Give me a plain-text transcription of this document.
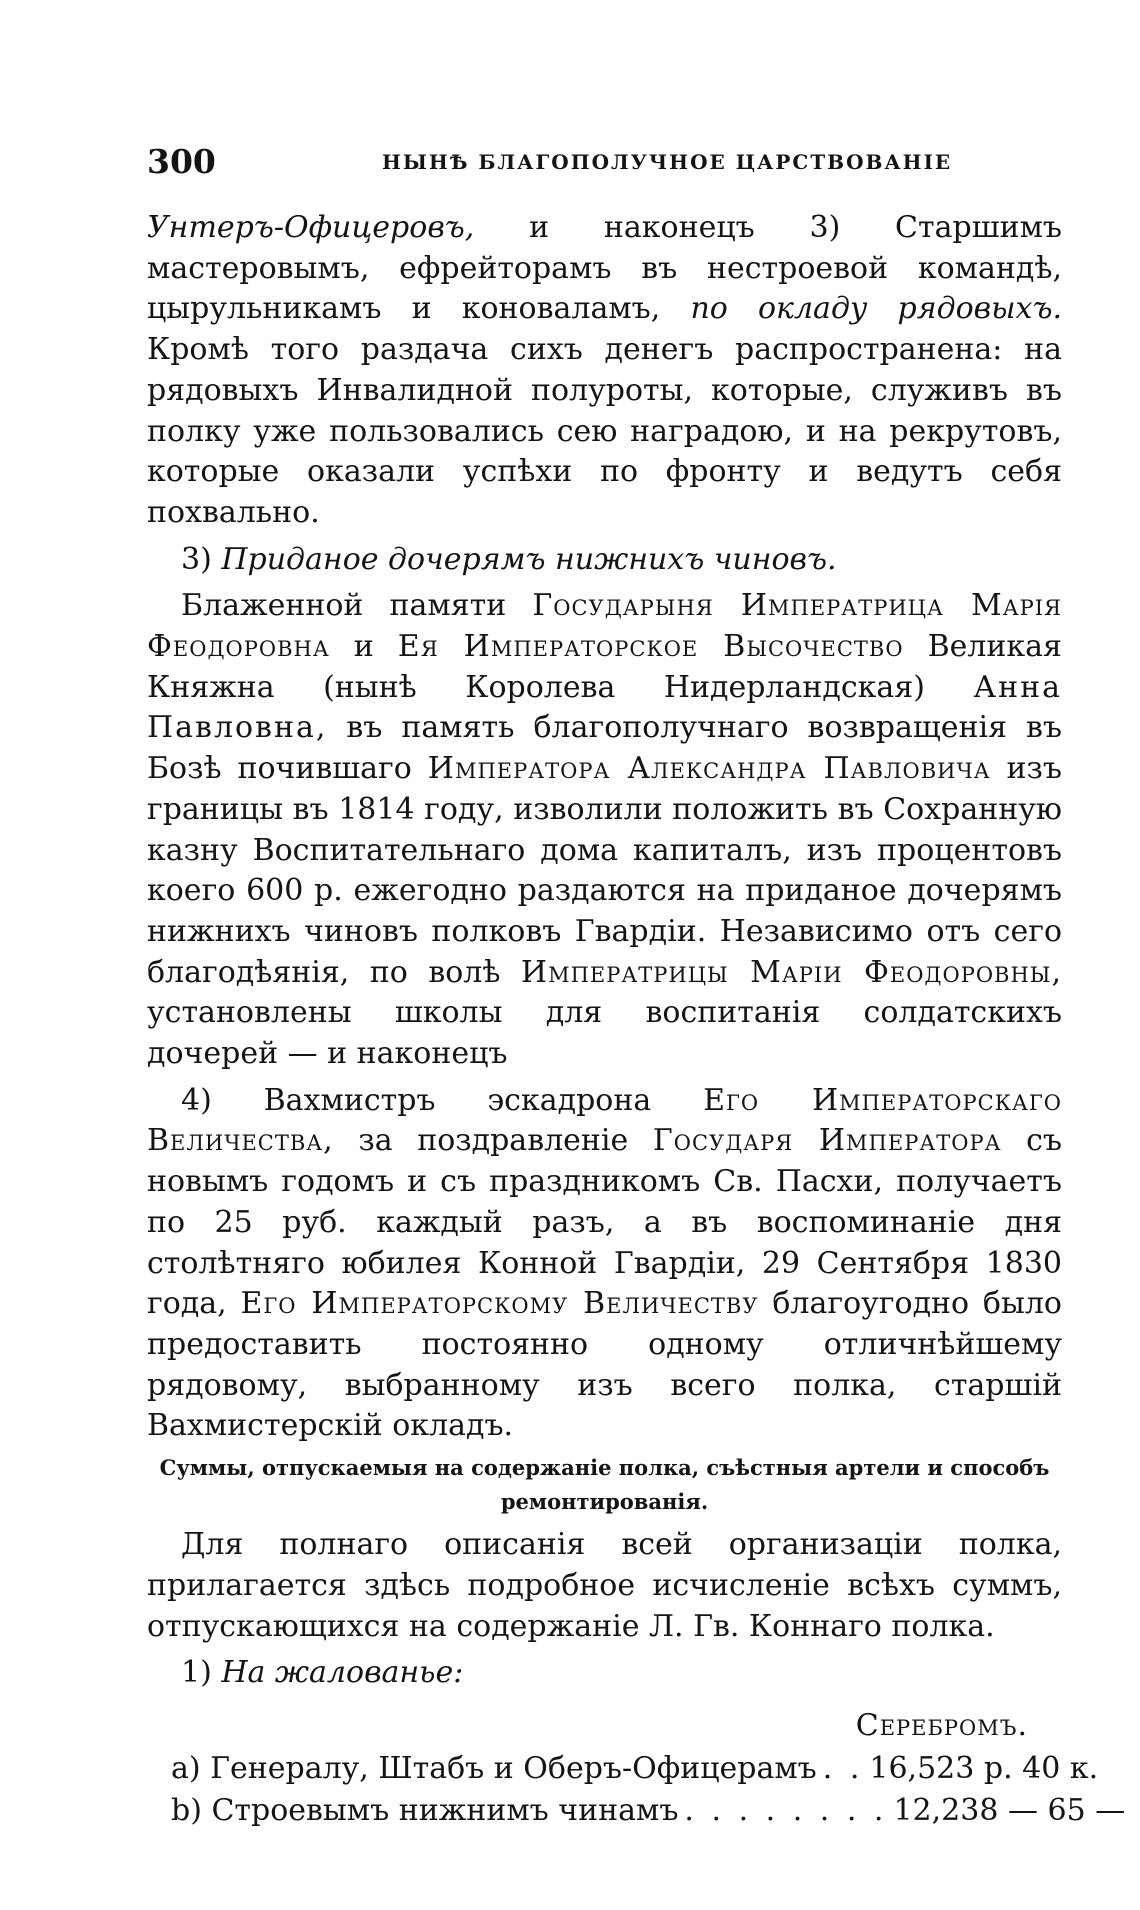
300	НЫНѢ БЛАГОПОЛУЧНОЕ ЦАРСТВОВАНІЕ

Унтеръ-Офицеровъ, и наконецъ 3) Старшимъ мастеровымъ, ефрейторамъ въ нестроевой командѣ, цырульникамъ и коноваламъ, по окладу рядовыхъ. Кромѣ того раздача сихъ денегъ распространена: на рядовыхъ Инвалидной полуроты, которые, служивъ въ полку уже пользовались сею наградою, и на рекрутовъ, которые оказали успѣхи по фронту и ведутъ себя похвально.

3) Приданое дочерямъ нижнихъ чиновъ.

Блаженной памяти Государыня Императрица Марія Феодоровна и Ея Императорское Высочество Великая Княжна (нынѣ Королева Нидерландская) Анна Павловна, въ память благополучнаго возвращенія въ Бозѣ почившаго Императора Александра Павловича изъ границы въ 1814 году, изволили положить въ Сохранную казну Воспитательнаго дома капиталъ, изъ процентовъ коего 600 р. ежегодно раздаются на приданое дочерямъ нижнихъ чиновъ полковъ Гвардіи. Независимо отъ сего благодѣянія, по волѣ Императрицы Маріи Феодоровны, установлены школы для воспитанія солдатскихъ дочерей — и наконецъ

4) Вахмистръ эскадрона Его Императорскаго Величества, за поздравленіе Государя Императора съ новымъ годомъ и съ праздникомъ Св. Пасхи, получаетъ по 25 руб. каждый разъ, а въ воспоминаніе дня столѣтняго юбилея Конной Гвардіи, 29 Сентября 1830 года, Его Императорскому Величеству благоугодно было предоставить постоянно одному отличнѣйшему рядовому, выбранному изъ всего полка, старшій Вахмистерскій окладъ.

Суммы, отпускаемыя на содержаніе полка, съѣстныя артели и способъ
ремонтированія.

Для полнаго описанія всей организаціи полка, прилагается здѣсь подробное исчисленіе всѣхъ суммъ, отпускающихся на содержаніе Л. Гв. Коннаго полка.

1) На жалованье:

Серебромъ.

a) Генералу, Штабъ и Оберъ-Офицерамъ . . 16,523 р. 40 к.
b) Строевымъ нижнимъ чинамъ . . . . . . . . 12,238 — 65 —
